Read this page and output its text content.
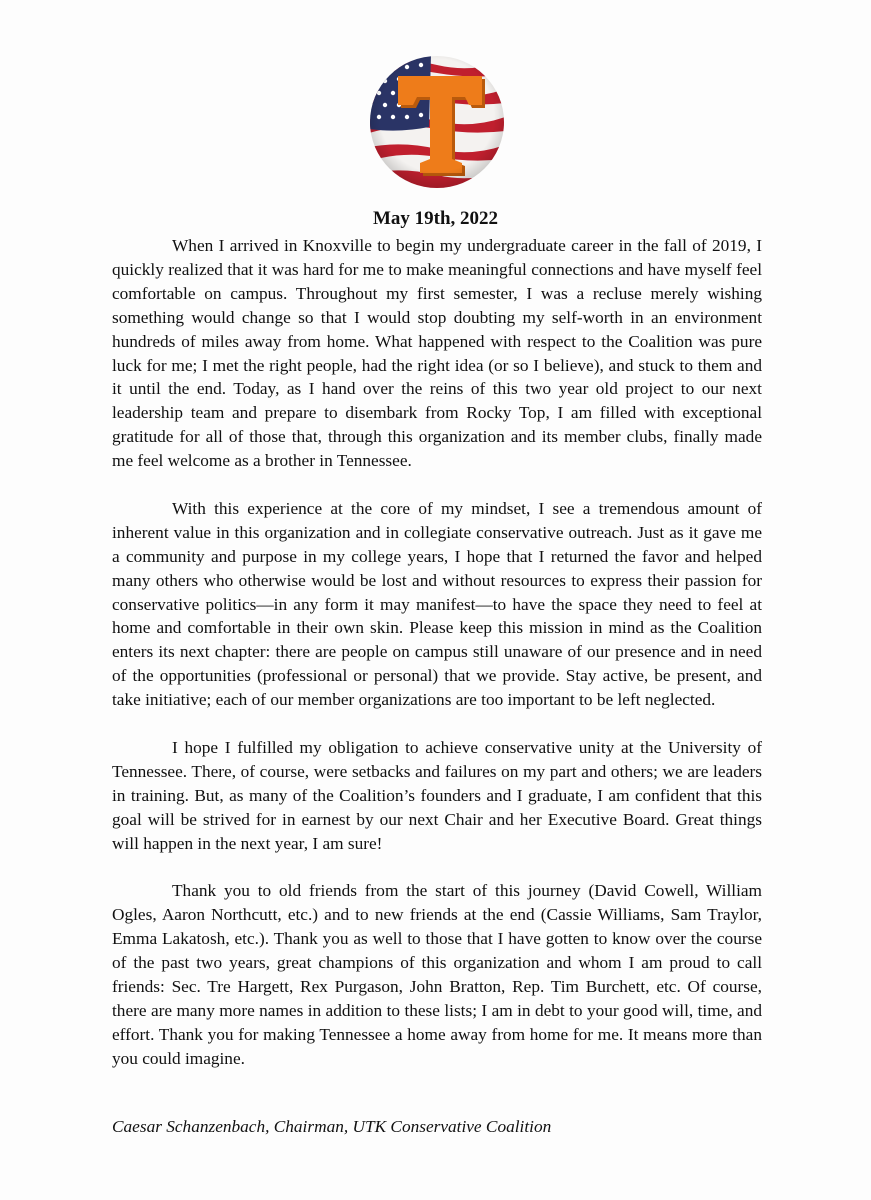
May 19th, 2022

When I arrived in Knoxville to begin my undergraduate career in the fall of 2019, I quickly realized that it was hard for me to make meaningful connections and have myself feel comfortable on campus. Throughout my first semester, I was a recluse merely wishing something would change so that I would stop doubting my self-worth in an environment hundreds of miles away from home. What happened with respect to the Coalition was pure luck for me; I met the right people, had the right idea (or so I believe), and stuck to them and it until the end. Today, as I hand over the reins of this two year old project to our next leadership team and prepare to disembark from Rocky Top, I am filled with exceptional gratitude for all of those that, through this organization and its member clubs, finally made me feel welcome as a brother in Tennessee.

With this experience at the core of my mindset, I see a tremendous amount of inherent value in this organization and in collegiate conservative outreach. Just as it gave me a community and purpose in my college years, I hope that I returned the favor and helped many others who otherwise would be lost and without resources to express their passion for conservative politics—in any form it may manifest—to have the space they need to feel at home and comfortable in their own skin. Please keep this mission in mind as the Coalition enters its next chapter: there are people on campus still unaware of our presence and in need of the opportunities (professional or personal) that we provide. Stay active, be present, and take initiative; each of our member organizations are too important to be left neglected.

I hope I fulfilled my obligation to achieve conservative unity at the University of Tennessee. There, of course, were setbacks and failures on my part and others; we are leaders in training. But, as many of the Coalition’s founders and I graduate, I am confident that this goal will be strived for in earnest by our next Chair and her Executive Board. Great things will happen in the next year, I am sure!

Thank you to old friends from the start of this journey (David Cowell, William Ogles, Aaron Northcutt, etc.) and to new friends at the end (Cassie Williams, Sam Traylor, Emma Lakatosh, etc.). Thank you as well to those that I have gotten to know over the course of the past two years, great champions of this organization and whom I am proud to call friends: Sec. Tre Hargett, Rex Purgason, John Bratton, Rep. Tim Burchett, etc. Of course, there are many more names in addition to these lists; I am in debt to your good will, time, and effort. Thank you for making Tennessee a home away from home for me. It means more than you could imagine.

Caesar Schanzenbach, Chairman, UTK Conservative Coalition
